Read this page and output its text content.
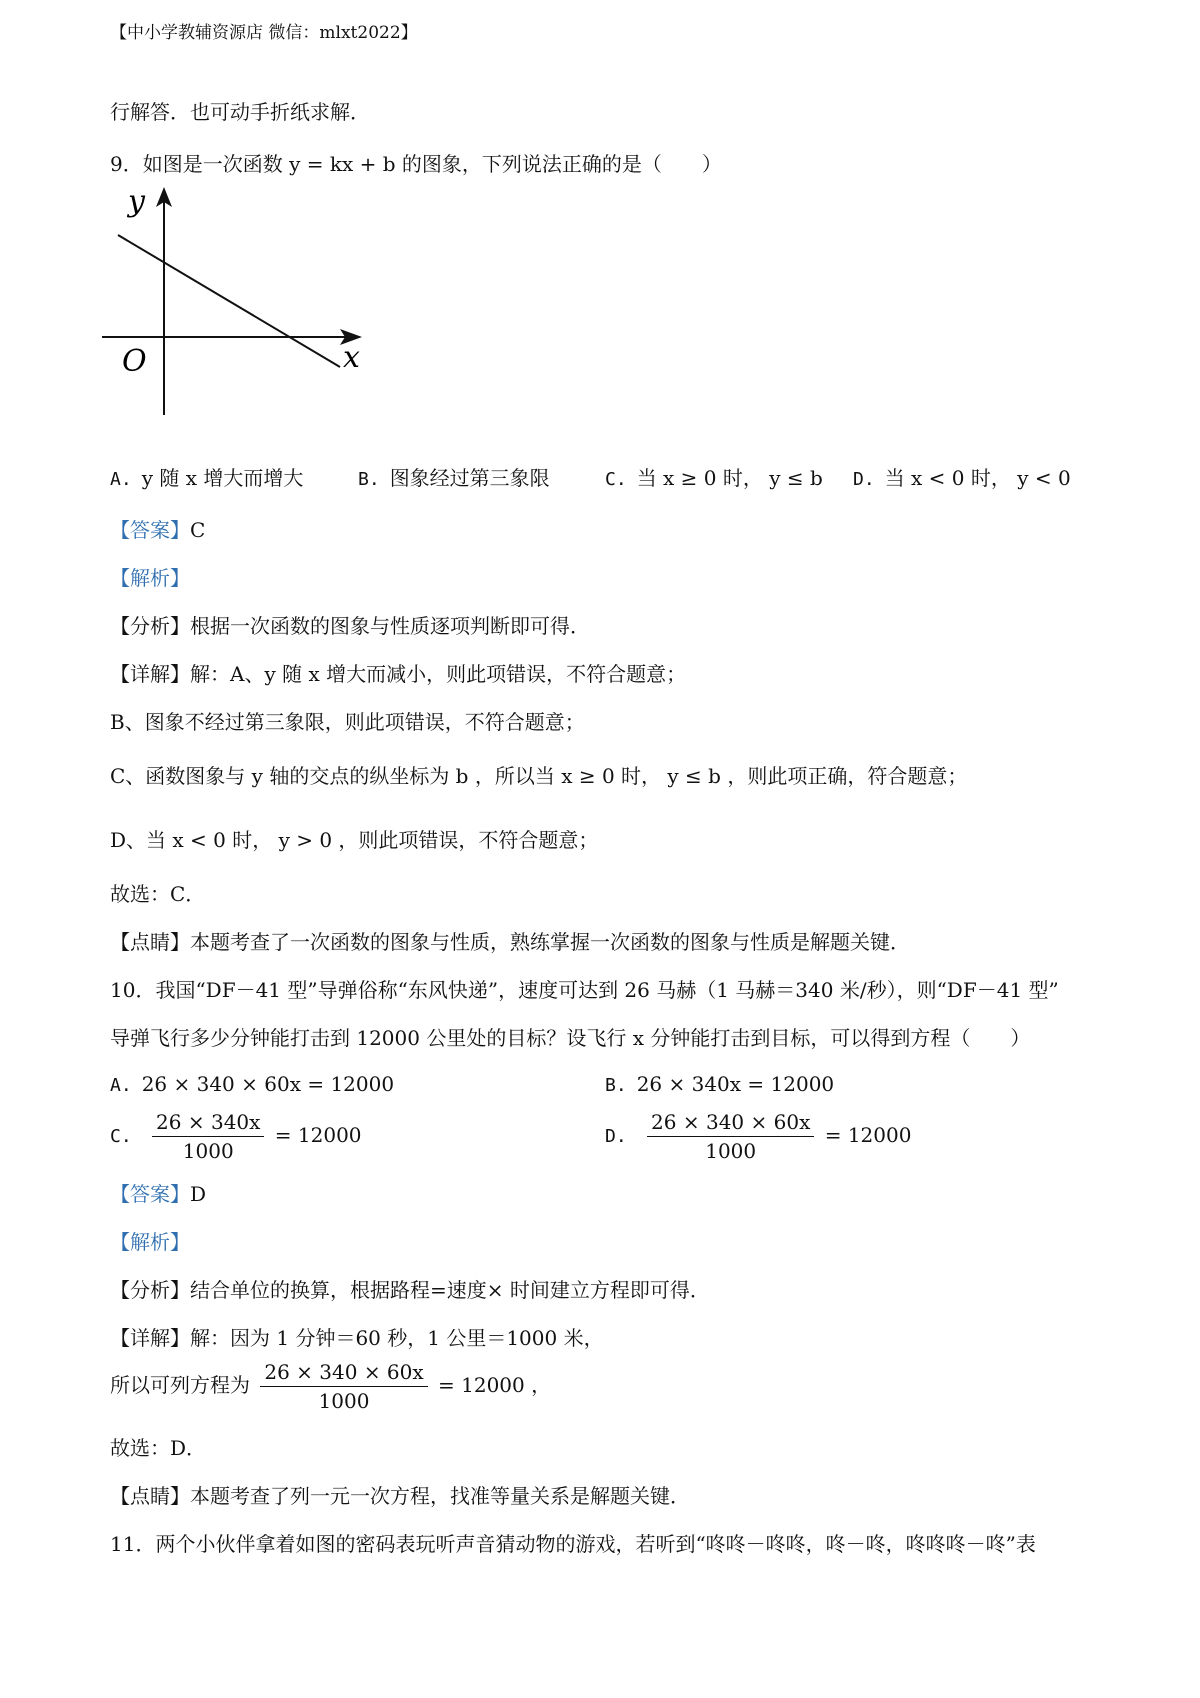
【中小学教辅资源店 微信：mlxt2022】
行解答．也可动手折纸求解．
9．如图是一次函数 y = kx + b 的图象，下列说法正确的是（　　）
y
x
O
A. y 随 x 增大而增大	B. 图象经过第三象限	C. 当 x ≥ 0 时， y ≤ b D. 当 x < 0 时， y < 0
【答案】C
【解析】
【分析】根据一次函数的图象与性质逐项判断即可得．
【详解】解：A、y 随 x 增大而减小，则此项错误，不符合题意；
B、图象不经过第三象限，则此项错误，不符合题意；
C、函数图象与 y 轴的交点的纵坐标为 b ，所以当 x ≥ 0 时， y ≤ b ，则此项正确，符合题意；
D、当 x < 0 时， y > 0 ，则此项错误，不符合题意；
故选：C．
【点睛】本题考查了一次函数的图象与性质，熟练掌握一次函数的图象与性质是解题关键．
10．我国“DF－41 型”导弹俗称“东风快递”，速度可达到 26 马赫（1 马赫＝340 米/秒），则“DF－41 型”
导弹飞行多少分钟能打击到 12000 公里处的目标？设飞行 x 分钟能打击到目标，可以得到方程（　　）
A. 26 × 340 × 60x = 12000	B. 26 × 340x = 12000
C. $\frac{26 \times 340x}{1000} = 12000$	D. $\frac{26 \times 340 \times 60x}{1000} = 12000$
【答案】D
【解析】
【分析】结合单位的换算，根据路程=速度× 时间建立方程即可得．
【详解】解：因为 1 分钟＝60 秒，1 公里＝1000 米，
所以可列方程为 $\frac{26 \times 340 \times 60x}{1000} = 12000$ ，
故选：D．
【点睛】本题考查了列一元一次方程，找准等量关系是解题关键．
11．两个小伙伴拿着如图的密码表玩听声音猜动物的游戏，若听到“咚咚－咚咚，咚－咚，咚咚咚－咚”表
